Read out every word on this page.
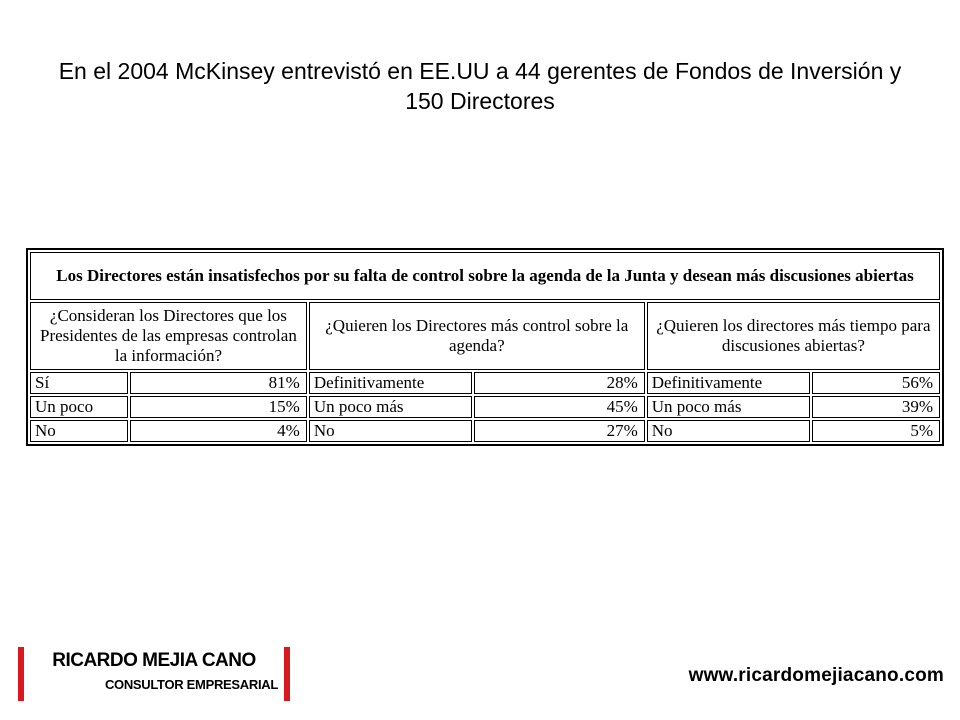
En el 2004 McKinsey entrevistó en EE.UU a 44 gerentes de Fondos de Inversión y 150 Directores
Los Directores están insatisfechos por su falta de control sobre la agenda de la Junta y desean más discusiones abiertas					
¿Consideran los Directores que los Presidentes de las empresas controlan la información?		¿Quieren los Directores más control sobre la agenda?		¿Quieren los directores más tiempo para discusiones abiertas?	
Sí	81%	Definitivamente	28%	Definitivamente	56%
Un poco	15%	Un poco más	45%	Un poco más	39%
No	4%	No	27%	No	5%
RICARDO MEJIA CANO
CONSULTOR EMPRESARIAL	www.ricardomejiacano.com
